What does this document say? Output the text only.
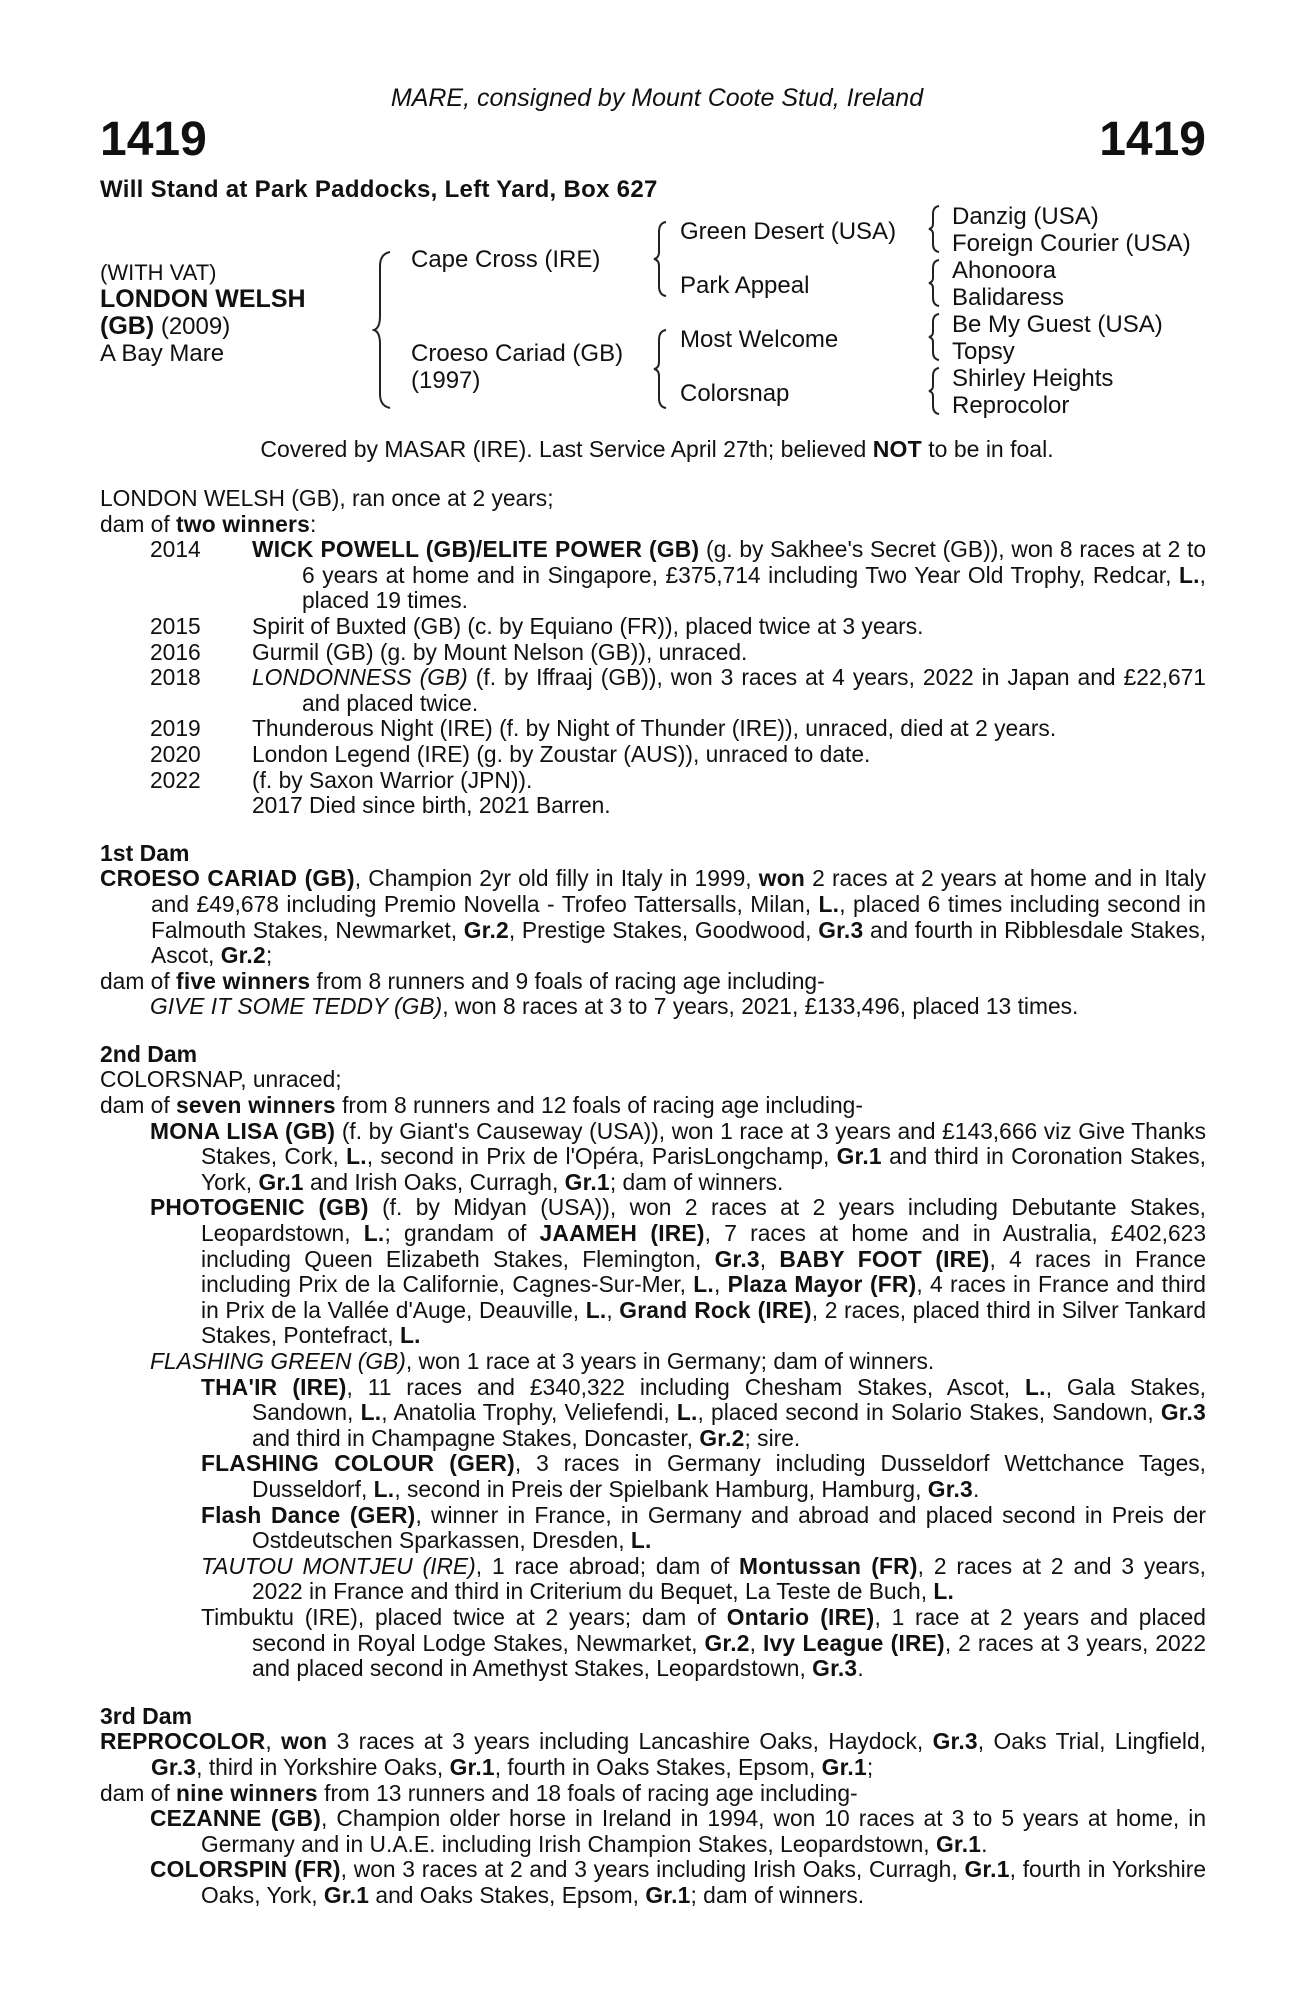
MARE, consigned by Mount Coote Stud, Ireland
1419	1419
Will Stand at Park Paddocks, Left Yard, Box 627
(WITH VAT)
LONDON WELSH
(GB) (2009)
A Bay Mare
Cape Cross (IRE)
Croeso Cariad (GB)
(1997)
Green Desert (USA)
Park Appeal
Most Welcome
Colorsnap
Danzig (USA)
Foreign Courier (USA)
Ahonoora
Balidaress
Be My Guest (USA)
Topsy
Shirley Heights
Reprocolor
Covered by MASAR (IRE). Last Service April 27th; believed NOT to be in foal.

LONDON WELSH (GB), ran once at 2 years;

dam of two winners:

2014	WICK POWELL (GB)/ELITE POWER (GB) (g. by Sakhee's Secret (GB)), won 8 races at 2 to 6 years at home and in Singapore, £375,714 including Two Year Old Trophy, Redcar, L., placed 19 times.
2015	Spirit of Buxted (GB) (c. by Equiano (FR)), placed twice at 3 years.
2016	Gurmil (GB) (g. by Mount Nelson (GB)), unraced.
2018	LONDONNESS (GB) (f. by Iffraaj (GB)), won 3 races at 4 years, 2022 in Japan and £22,671 and placed twice.
2019	Thunderous Night (IRE) (f. by Night of Thunder (IRE)), unraced, died at 2 years.
2020	London Legend (IRE) (g. by Zoustar (AUS)), unraced to date.
2022	(f. by Saxon Warrior (JPN)).
2017 Died since birth, 2021 Barren.

1st Dam

CROESO CARIAD (GB), Champion 2yr old filly in Italy in 1999, won 2 races at 2 years at home and in Italy and £49,678 including Premio Novella - Trofeo Tattersalls, Milan, L., placed 6 times including second in Falmouth Stakes, Newmarket, Gr.2, Prestige Stakes, Goodwood, Gr.3 and fourth in Ribblesdale Stakes, Ascot, Gr.2;

dam of five winners from 8 runners and 9 foals of racing age including-

GIVE IT SOME TEDDY (GB), won 8 races at 3 to 7 years, 2021, £133,496, placed 13 times.

2nd Dam

COLORSNAP, unraced;

dam of seven winners from 8 runners and 12 foals of racing age including-

MONA LISA (GB) (f. by Giant's Causeway (USA)), won 1 race at 3 years and £143,666 viz Give Thanks Stakes, Cork, L., second in Prix de l'Opéra, ParisLongchamp, Gr.1 and third in Coronation Stakes, York, Gr.1 and Irish Oaks, Curragh, Gr.1; dam of winners.

PHOTOGENIC (GB) (f. by Midyan (USA)), won 2 races at 2 years including Debutante Stakes, Leopardstown, L.; grandam of JAAMEH (IRE), 7 races at home and in Australia, £402,623 including Queen Elizabeth Stakes, Flemington, Gr.3, BABY FOOT (IRE), 4 races in France including Prix de la Californie, Cagnes-Sur-Mer, L., Plaza Mayor (FR), 4 races in France and third in Prix de la Vallée d'Auge, Deauville, L., Grand Rock (IRE), 2 races, placed third in Silver Tankard Stakes, Pontefract, L.

FLASHING GREEN (GB), won 1 race at 3 years in Germany; dam of winners.

THA'IR (IRE), 11 races and £340,322 including Chesham Stakes, Ascot, L., Gala Stakes, Sandown, L., Anatolia Trophy, Veliefendi, L., placed second in Solario Stakes, Sandown, Gr.3 and third in Champagne Stakes, Doncaster, Gr.2; sire.

FLASHING COLOUR (GER), 3 races in Germany including Dusseldorf Wettchance Tages, Dusseldorf, L., second in Preis der Spielbank Hamburg, Hamburg, Gr.3.

Flash Dance (GER), winner in France, in Germany and abroad and placed second in Preis der Ostdeutschen Sparkassen, Dresden, L.

TAUTOU MONTJEU (IRE), 1 race abroad; dam of Montussan (FR), 2 races at 2 and 3 years, 2022 in France and third in Criterium du Bequet, La Teste de Buch, L.

Timbuktu (IRE), placed twice at 2 years; dam of Ontario (IRE), 1 race at 2 years and placed second in Royal Lodge Stakes, Newmarket, Gr.2, Ivy League (IRE), 2 races at 3 years, 2022 and placed second in Amethyst Stakes, Leopardstown, Gr.3.

3rd Dam

REPROCOLOR, won 3 races at 3 years including Lancashire Oaks, Haydock, Gr.3, Oaks Trial, Lingfield, Gr.3, third in Yorkshire Oaks, Gr.1, fourth in Oaks Stakes, Epsom, Gr.1;

dam of nine winners from 13 runners and 18 foals of racing age including-

CEZANNE (GB), Champion older horse in Ireland in 1994, won 10 races at 3 to 5 years at home, in Germany and in U.A.E. including Irish Champion Stakes, Leopardstown, Gr.1.

COLORSPIN (FR), won 3 races at 2 and 3 years including Irish Oaks, Curragh, Gr.1, fourth in Yorkshire Oaks, York, Gr.1 and Oaks Stakes, Epsom, Gr.1; dam of winners.
